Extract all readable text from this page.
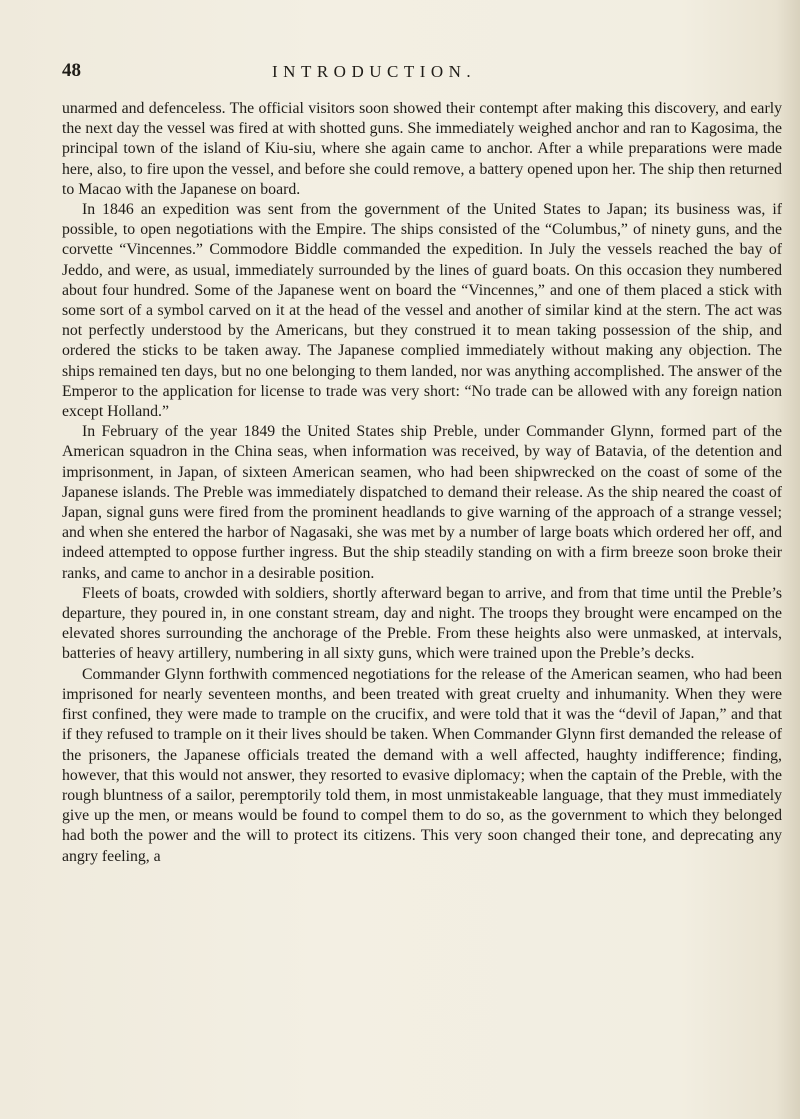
48	INTRODUCTION.

unarmed and defenceless. The official visitors soon showed their contempt after making this discovery, and early the next day the vessel was fired at with shotted guns. She immediately weighed anchor and ran to Kagosima, the principal town of the island of Kiu-siu, where she again came to anchor. After a while preparations were made here, also, to fire upon the vessel, and before she could remove, a battery opened upon her. The ship then returned to Macao with the Japanese on board.

In 1846 an expedition was sent from the government of the United States to Japan; its business was, if possible, to open negotiations with the Empire. The ships consisted of the “Columbus,” of ninety guns, and the corvette “Vincennes.” Commodore Biddle commanded the expedition. In July the vessels reached the bay of Jeddo, and were, as usual, immediately surrounded by the lines of guard boats. On this occasion they numbered about four hundred. Some of the Japanese went on board the “Vincennes,” and one of them placed a stick with some sort of a symbol carved on it at the head of the vessel and another of similar kind at the stern. The act was not perfectly understood by the Americans, but they construed it to mean taking possession of the ship, and ordered the sticks to be taken away. The Japanese complied immediately without making any objection. The ships remained ten days, but no one belonging to them landed, nor was anything accomplished. The answer of the Emperor to the application for license to trade was very short: “No trade can be allowed with any foreign nation except Holland.”

In February of the year 1849 the United States ship Preble, under Commander Glynn, formed part of the American squadron in the China seas, when information was received, by way of Batavia, of the detention and imprisonment, in Japan, of sixteen American seamen, who had been shipwrecked on the coast of some of the Japanese islands. The Preble was immediately dispatched to demand their release. As the ship neared the coast of Japan, signal guns were fired from the prominent headlands to give warning of the approach of a strange vessel; and when she entered the harbor of Nagasaki, she was met by a number of large boats which ordered her off, and indeed attempted to oppose further ingress. But the ship steadily standing on with a firm breeze soon broke their ranks, and came to anchor in a desirable position.

Fleets of boats, crowded with soldiers, shortly afterward began to arrive, and from that time until the Preble’s departure, they poured in, in one constant stream, day and night. The troops they brought were encamped on the elevated shores surrounding the anchorage of the Preble. From these heights also were unmasked, at intervals, batteries of heavy artillery, numbering in all sixty guns, which were trained upon the Preble’s decks.

Commander Glynn forthwith commenced negotiations for the release of the American seamen, who had been imprisoned for nearly seventeen months, and been treated with great cruelty and inhumanity. When they were first confined, they were made to trample on the crucifix, and were told that it was the “devil of Japan,” and that if they refused to trample on it their lives should be taken. When Commander Glynn first demanded the release of the prisoners, the Japanese officials treated the demand with a well affected, haughty indifference; finding, however, that this would not answer, they resorted to evasive diplomacy; when the captain of the Preble, with the rough bluntness of a sailor, peremptorily told them, in most unmistakeable language, that they must immediately give up the men, or means would be found to compel them to do so, as the government to which they belonged had both the power and the will to protect its citizens. This very soon changed their tone, and deprecating any angry feeling, a
